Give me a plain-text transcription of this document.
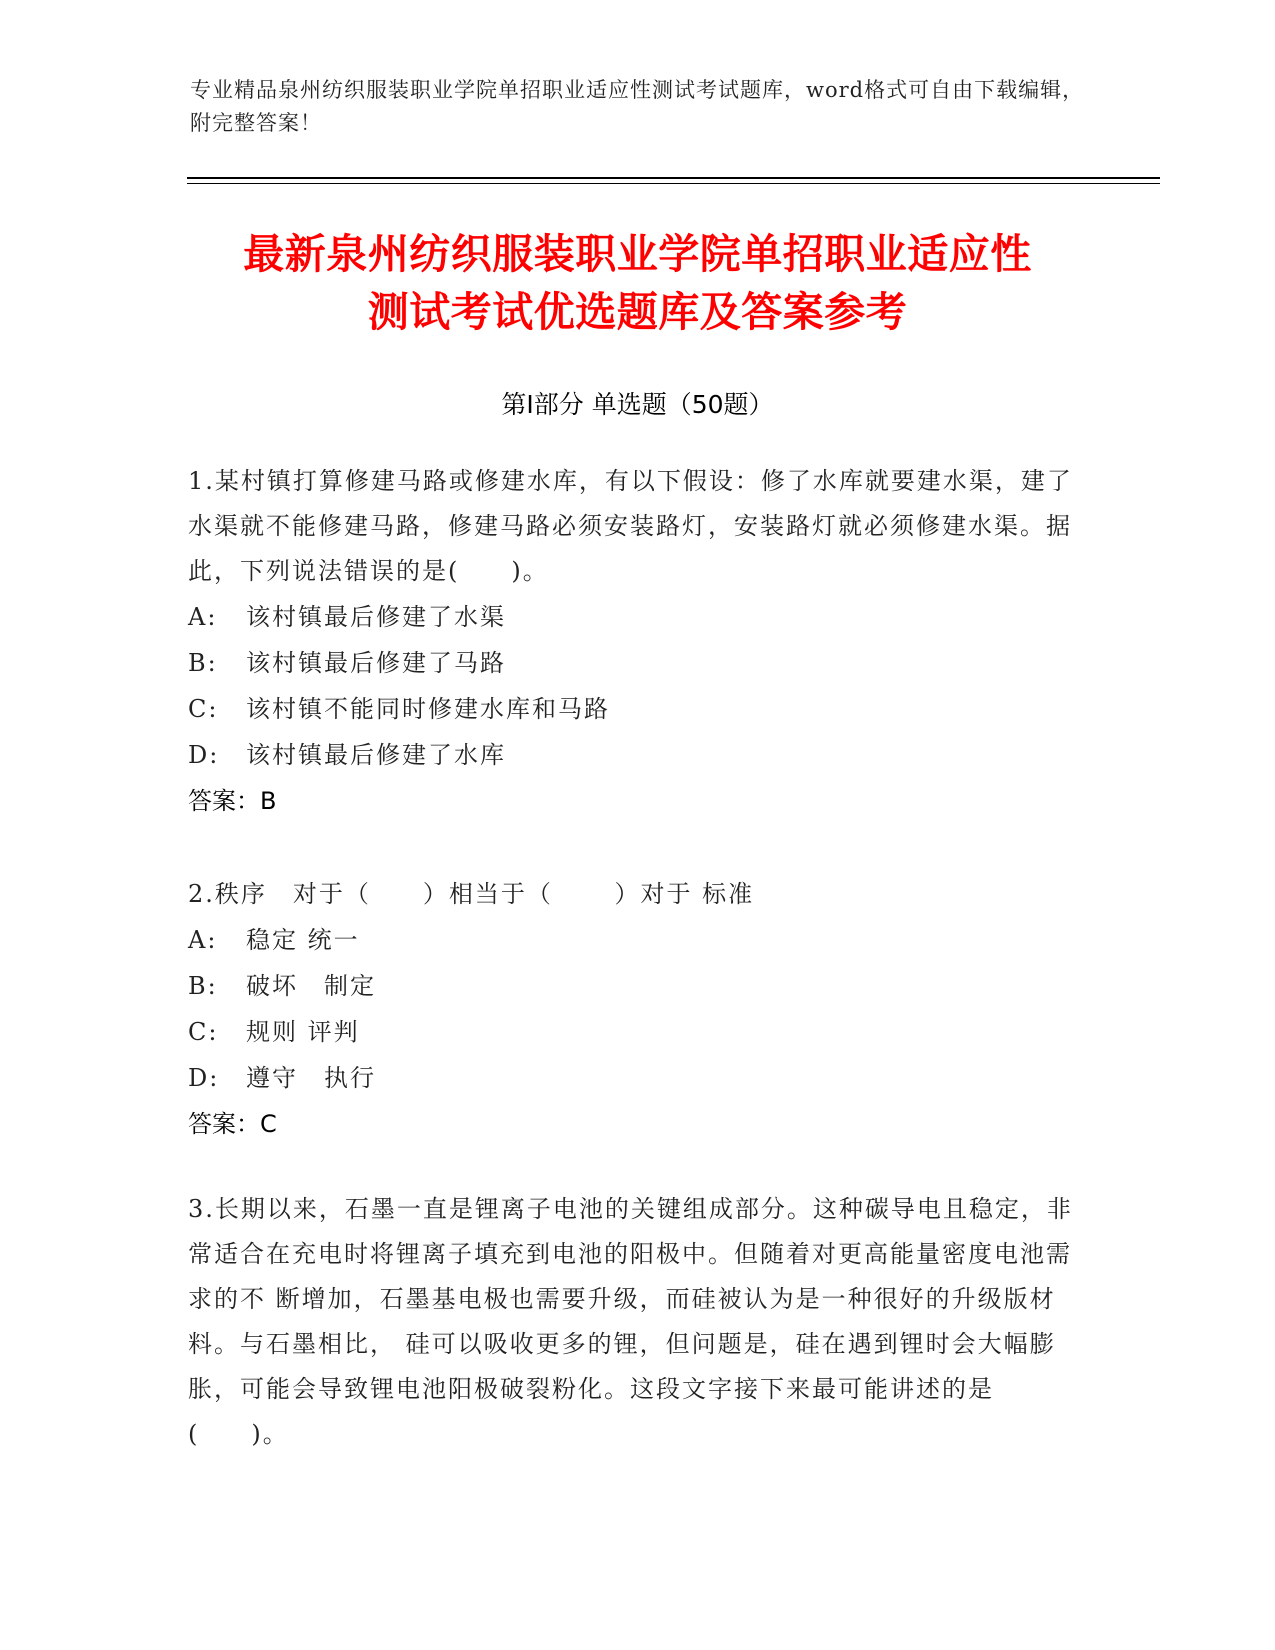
专业精品泉州纺织服装职业学院单招职业适应性测试考试题库，word格式可自由下载编辑，附完整答案！
最新泉州纺织服装职业学院单招职业适应性
测试考试优选题库及答案参考
第Ⅰ部分 单选题（50题）

1.某村镇打算修建马路或修建水库，有以下假设：修了水库就要建水渠，建了水渠就不能修建马路，修建马路必须安装路灯，安装路灯就必须修建水渠。据此，下列说法错误的是(　　)。

A: 该村镇最后修建了水渠
B: 该村镇最后修建了马路
C: 该村镇不能同时修建水库和马路
D: 该村镇最后修建了水库
答案：B
2.秩序　对于（　　）相当于（　　 ）对于 标准
A: 稳定 统一
B: 破坏　制定
C: 规则 评判
D: 遵守　执行
答案：C

3.长期以来，石墨一直是锂离子电池的关键组成部分。这种碳导电且稳定，非 常适合在充电时将锂离子填充到电池的阳极中。但随着对更高能量密度电池需求的不 断增加，石墨基电极也需要升级，而硅被认为是一种很好的升级版材料。与石墨相比， 硅可以吸收更多的锂，但问题是，硅在遇到锂时会大幅膨胀，可能会导致锂电池阳极破裂粉化。这段文字接下来最可能讲述的是(　　)。
